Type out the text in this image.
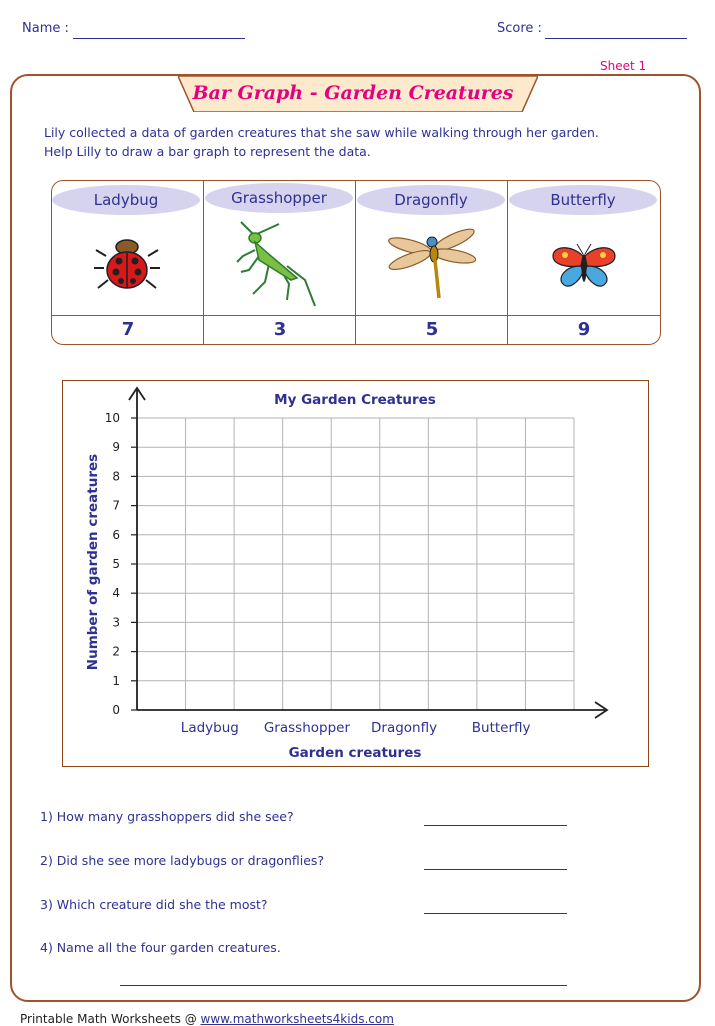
Name :	Score :
Sheet 1
Bar Graph - Garden Creatures
Lily collected a data of garden creatures that she saw while walking through her garden.
Help Lilly to draw a bar graph to represent the data.
Ladybug	Grasshopper	Dragonfly	Butterfly
7	3	5	9
0
1
2
3
4
5
6
7
8
9
10
Ladybug Grasshopper Dragonfly	Butterfly
My Garden Creatures
Garden creatures
Number of garden creatures
1) How many grasshoppers did she see?
2) Did she see more ladybugs or dragonflies?
3) Which creature did she the most?
4) Name all the four garden creatures.
Printable Math Worksheets @ www.mathworksheets4kids.com
